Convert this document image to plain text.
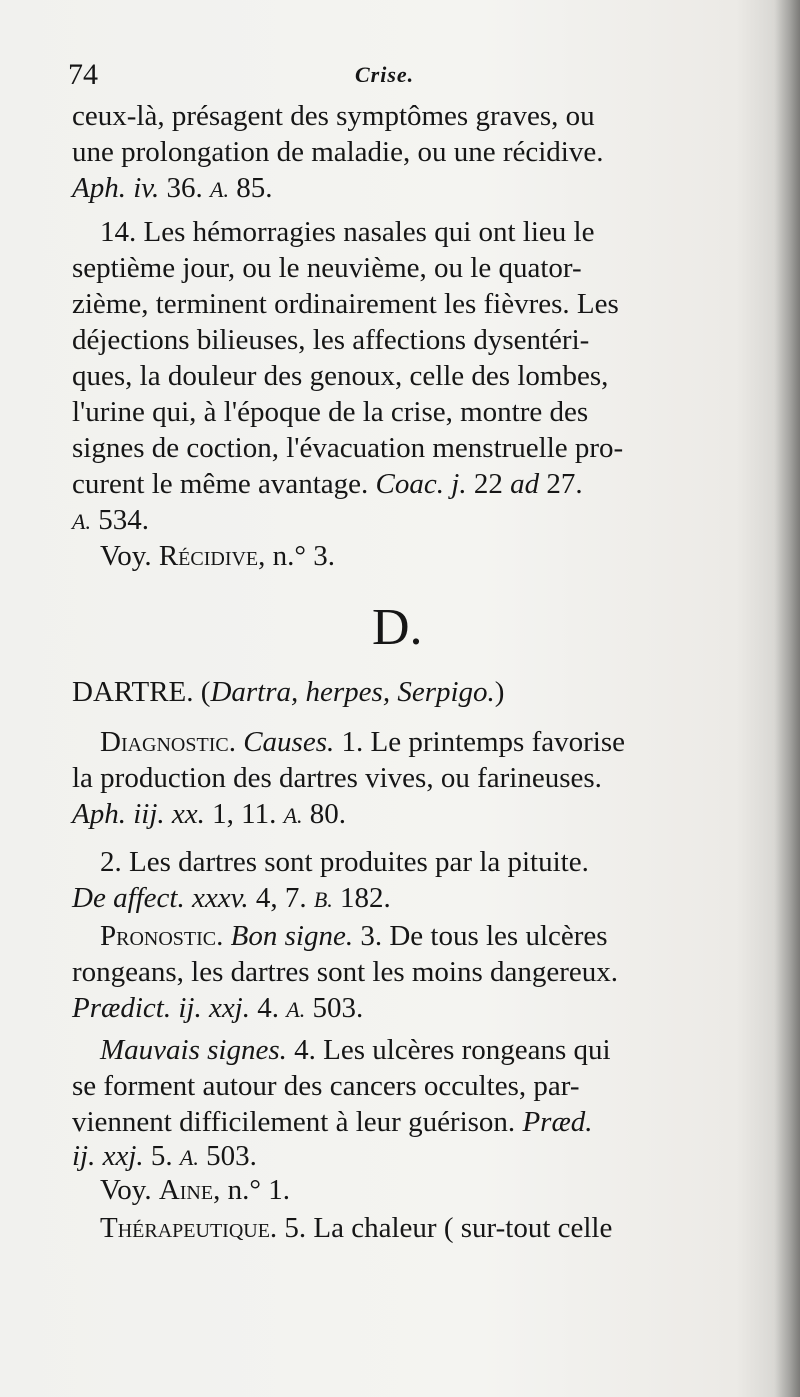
74	Crise.
ceux-là, présagent des symptômes graves, ou
une prolongation de maladie, ou une récidive.
Aph. iv. 36. A. 85.
14. Les hémorragies nasales qui ont lieu le
septième jour, ou le neuvième, ou le quator-
zième, terminent ordinairement les fièvres. Les
déjections bilieuses, les affections dysentéri-
ques, la douleur des genoux, celle des lombes,
l'urine qui, à l'époque de la crise, montre des
signes de coction, l'évacuation menstruelle pro-
curent le même avantage. Coac. j. 22 ad 27.
A. 534.
Voy. Récidive, n.° 3.
D.
DARTRE. (Dartra, herpes, Serpigo.)
Diagnostic. Causes. 1. Le printemps favorise
la production des dartres vives, ou farineuses.
Aph. iij. xx. 1, 11. A. 80.
2. Les dartres sont produites par la pituite.
De affect. xxxv. 4, 7. B. 182.
Pronostic. Bon signe. 3. De tous les ulcères
rongeans, les dartres sont les moins dangereux.
Prædict. ij. xxj. 4. A. 503.
Mauvais signes. 4. Les ulcères rongeans qui
se forment autour des cancers occultes, par-
viennent difficilement à leur guérison. Præd.
ij. xxj. 5. A. 503.
Voy. Aine, n.° 1.
Thérapeutique. 5. La chaleur ( sur-tout celle
